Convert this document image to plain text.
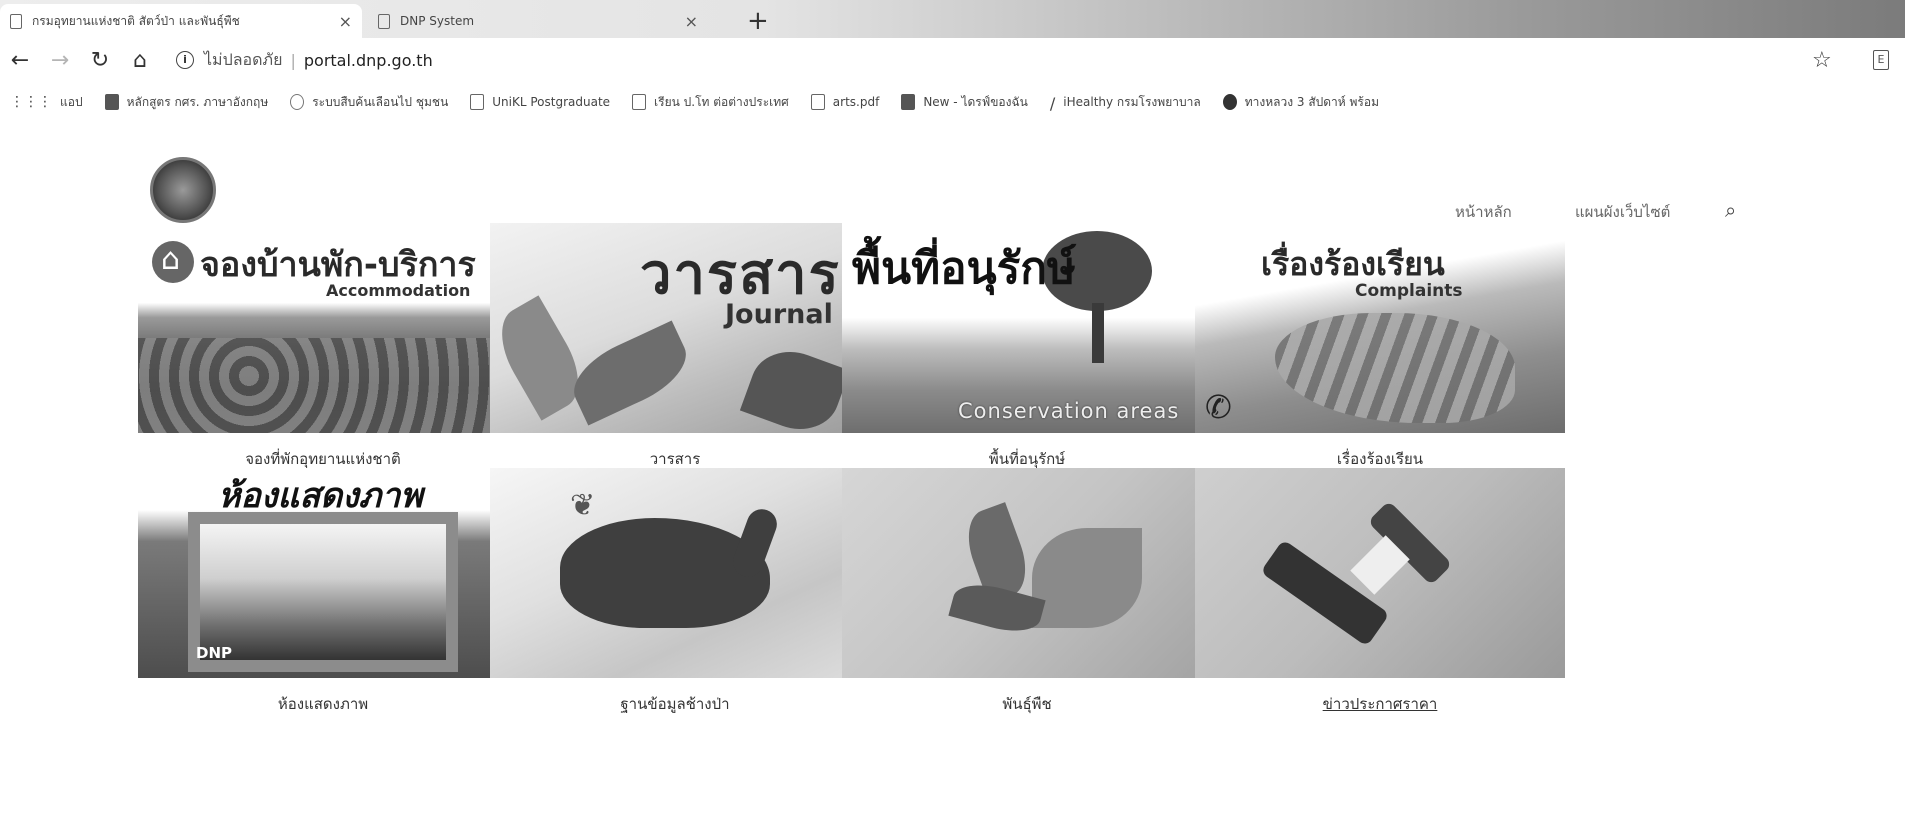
กรมอุทยานแห่งชาติ สัตว์ป่า และพันธุ์พืช	×	DNP System	× +
← → ↻	⌂	i	ไม่ปลอดภัย | portal.dnp.go.th	☆	E
⋮⋮⋮ แอป	หลักสูตร กศร. ภาษาอังกฤษ	ระบบสืบค้นเลือนไป ชุมชน	UniKL Postgraduate	เรียน ป.โท ต่อต่างประเทศ	arts.pdf	New - ไดรฟ์ของฉัน / iHealthy กรมโรงพยาบาล	ทางหลวง 3 สัปดาห์ พร้อม
หน้าหลัก	แผนผังเว็บไซต์	⌕
⌂
จองบ้านพัก-บริการ
Accommodation
จองที่พักอุทยานแห่งชาติ
วารสาร
Journal
วารสาร
พื้นที่อนุรักษ์
Conservation areas
พื้นที่อนุรักษ์
✆
เรื่องร้องเรียน
Complaints
เรื่องร้องเรียน
ห้องแสดงภาพ
DNP
ห้องแสดงภาพ
❦
ฐานข้อมูลช้างป่า	พันธุ์พืช	ข่าวประกาศราคา
